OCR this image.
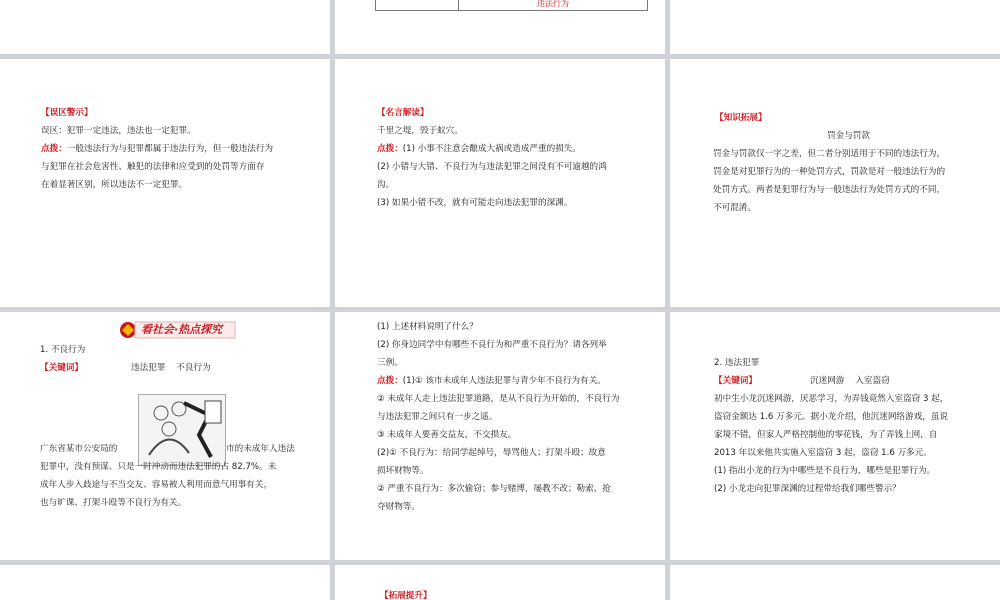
	违法行为
【误区警示】
误区：犯罪一定违法，违法也一定犯罪。
点拨：一般违法行为与犯罪都属于违法行为，但一般违法行为
与犯罪在社会危害性、触犯的法律和应受到的处罚等方面存
在着显著区别，所以违法不一定犯罪。
【名言解读】
千里之堤，毁于蚁穴。
点拨：(1) 小事不注意会酿成大祸或造成严重的损失。
(2) 小错与大错、不良行为与违法犯罪之间没有不可逾越的鸿
沟。
(3) 如果小错不改，就有可能走向违法犯罪的深渊。
【知识拓展】
罚金与罚款
罚金与罚款仅一字之差，但二者分别适用于不同的违法行为，
罚金是对犯罪行为的一种处罚方式，罚款是对一般违法行为的
处罚方式。两者是犯罪行为与一般违法行为处罚方式的不同，
不可混淆。
看社会·热点探究
1. 不良行为
【关键词】	违法犯罪    不良行为
广东省某市公安局的	市的未成年人违法
犯罪中，没有预谋、只是一时冲动而违法犯罪的占 82.7%。未
成年人步入歧途与不当交友、容易被人利用而意气用事有关，
也与旷课、打架斗殴等不良行为有关。
(1) 上述材料说明了什么？
(2) 你身边同学中有哪些不良行为和严重不良行为？请各列举
三例。
点拨：(1)① 该市未成年人违法犯罪与青少年不良行为有关。
② 未成年人走上违法犯罪道路，是从不良行为开始的，不良行为
与违法犯罪之间只有一步之遥。
③ 未成年人要善交益友，不交损友。
(2)① 不良行为：给同学起绰号，辱骂他人；打架斗殴；故意
损坏财物等。
② 严重不良行为：多次偷窃；参与赌博，屡教不改；勒索、抢
夺财物等。
2. 违法犯罪
【关键词】	沉迷网游    入室盗窃
初中生小龙沉迷网游，厌恶学习，为弄钱竟然入室盗窃 3 起，
盗窃金额达 1.6 万多元。据小龙介绍，他沉迷网络游戏，虽说
家境不错，但家人严格控制他的零花钱，为了弄钱上网，自
2013 年以来他共实施入室盗窃 3 起，盗窃 1.6 万多元。
(1) 指出小龙的行为中哪些是不良行为，哪些是犯罪行为。
(2) 小龙走向犯罪深渊的过程带给我们哪些警示？
【拓展提升】
